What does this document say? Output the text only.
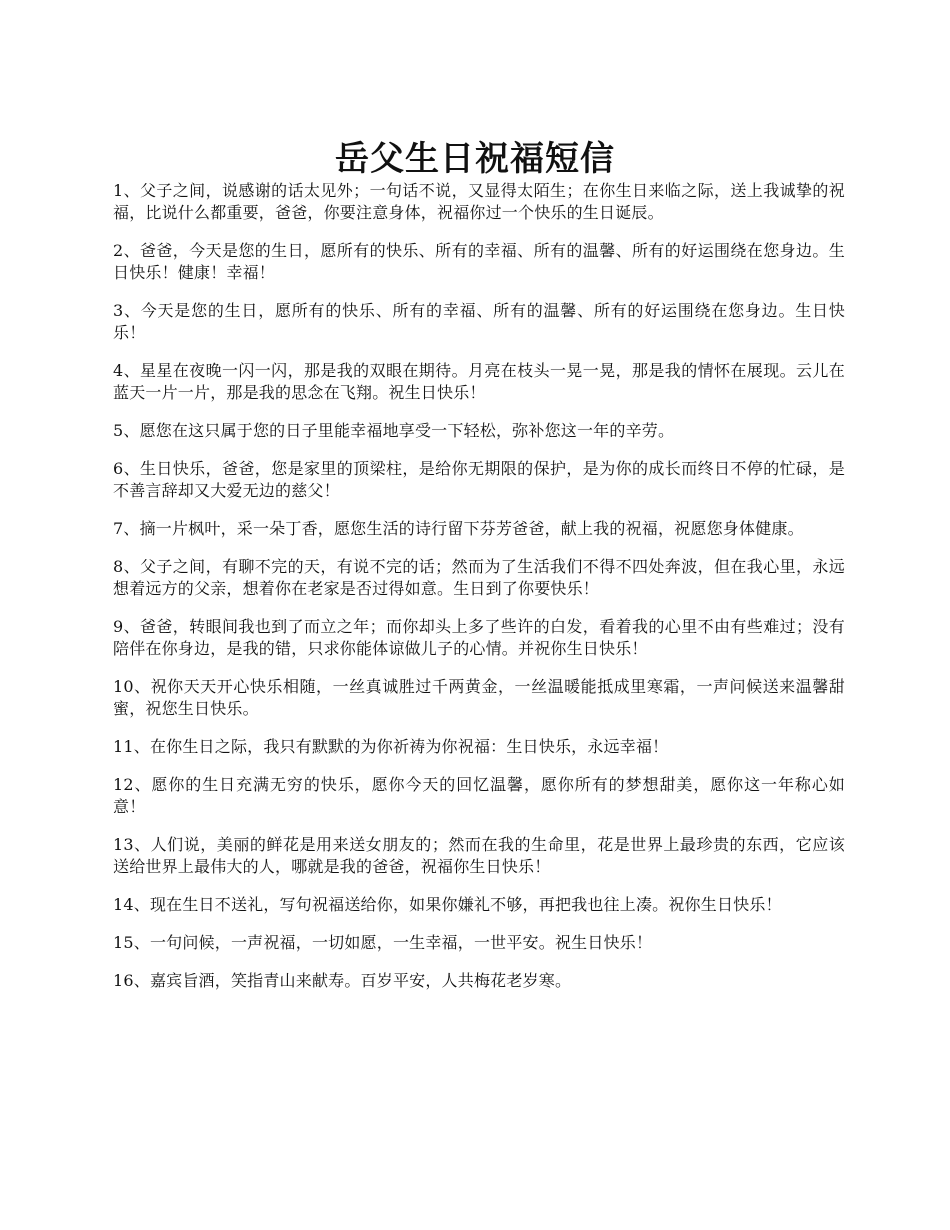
岳父生日祝福短信

1、父子之间，说感谢的话太见外；一句话不说，又显得太陌生；在你生日来临之际，送上我诚挚的祝福，比说什么都重要，爸爸，你要注意身体，祝福你过一个快乐的生日诞辰。

2、爸爸，今天是您的生日，愿所有的快乐、所有的幸福、所有的温馨、所有的好运围绕在您身边。生日快乐！健康！幸福！

3、今天是您的生日，愿所有的快乐、所有的幸福、所有的温馨、所有的好运围绕在您身边。生日快乐！

4、星星在夜晚一闪一闪，那是我的双眼在期待。月亮在枝头一晃一晃，那是我的情怀在展现。云儿在蓝天一片一片，那是我的思念在飞翔。祝生日快乐！

5、愿您在这只属于您的日子里能幸福地享受一下轻松，弥补您这一年的辛劳。

6、生日快乐，爸爸，您是家里的顶梁柱，是给你无期限的保护，是为你的成长而终日不停的忙碌，是不善言辞却又大爱无边的慈父！

7、摘一片枫叶，采一朵丁香，愿您生活的诗行留下芬芳爸爸，献上我的祝福，祝愿您身体健康。

8、父子之间，有聊不完的天，有说不完的话；然而为了生活我们不得不四处奔波，但在我心里，永远想着远方的父亲，想着你在老家是否过得如意。生日到了你要快乐！

9、爸爸，转眼间我也到了而立之年；而你却头上多了些许的白发，看着我的心里不由有些难过；没有陪伴在你身边，是我的错，只求你能体谅做儿子的心情。并祝你生日快乐！

10、祝你天天开心快乐相随，一丝真诚胜过千两黄金，一丝温暖能抵成里寒霜，一声问候送来温馨甜蜜，祝您生日快乐。

11、在你生日之际，我只有默默的为你祈祷为你祝福：生日快乐，永远幸福！

12、愿你的生日充满无穷的快乐，愿你今天的回忆温馨，愿你所有的梦想甜美，愿你这一年称心如意！

13、人们说，美丽的鲜花是用来送女朋友的；然而在我的生命里，花是世界上最珍贵的东西，它应该送给世界上最伟大的人，哪就是我的爸爸，祝福你生日快乐！

14、现在生日不送礼，写句祝福送给你，如果你嫌礼不够，再把我也往上凑。祝你生日快乐！

15、一句问候，一声祝福，一切如愿，一生幸福，一世平安。祝生日快乐！

16、嘉宾旨酒，笑指青山来献寿。百岁平安，人共梅花老岁寒。
